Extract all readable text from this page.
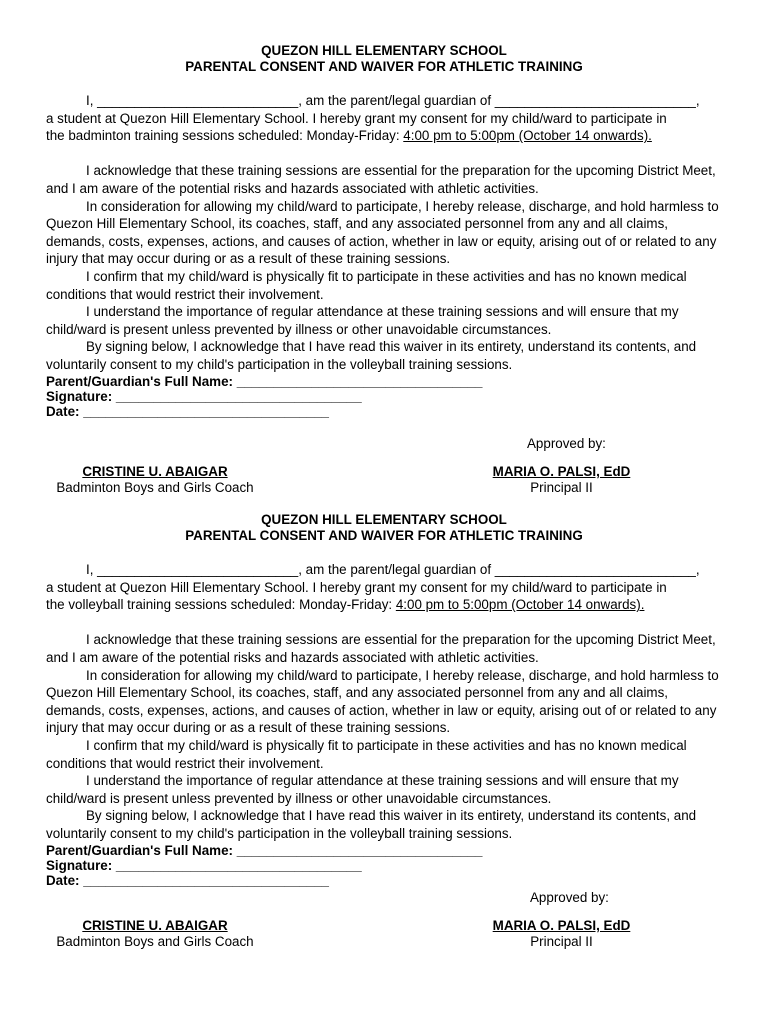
QUEZON HILL ELEMENTARY SCHOOL
PARENTAL CONSENT AND WAIVER FOR ATHLETIC TRAINING
I, ___________________________, am the parent/legal guardian of ___________________________,
a student at Quezon Hill Elementary School. I hereby grant my consent for my child/ward to participate in
the badminton training sessions scheduled: Monday-Friday: 4:00 pm to 5:00pm (October 14 onwards).
I acknowledge that these training sessions are essential for the preparation for the upcoming District Meet, and I am aware of the potential risks and hazards associated with athletic activities.
In consideration for allowing my child/ward to participate, I hereby release, discharge, and hold harmless to Quezon Hill Elementary School, its coaches, staff, and any associated personnel from any and all claims, demands, costs, expenses, actions, and causes of action, whether in law or equity, arising out of or related to any injury that may occur during or as a result of these training sessions.
I confirm that my child/ward is physically fit to participate in these activities and has no known medical conditions that would restrict their involvement.
I understand the importance of regular attendance at these training sessions and will ensure that my child/ward is present unless prevented by illness or other unavoidable circumstances.
By signing below, I acknowledge that I have read this waiver in its entirety, understand its contents, and voluntarily consent to my child's participation in the volleyball training sessions.
Parent/Guardian's Full Name: _________________________________
Signature: _________________________________
Date: _________________________________
Approved by:
CRISTINE U. ABAIGAR
Badminton Boys and Girls Coach
MARIA O. PALSI, EdD
Principal II
QUEZON HILL ELEMENTARY SCHOOL
PARENTAL CONSENT AND WAIVER FOR ATHLETIC TRAINING
I, ___________________________, am the parent/legal guardian of ___________________________,
a student at Quezon Hill Elementary School. I hereby grant my consent for my child/ward to participate in
the volleyball training sessions scheduled: Monday-Friday: 4:00 pm to 5:00pm (October 14 onwards).
I acknowledge that these training sessions are essential for the preparation for the upcoming District Meet, and I am aware of the potential risks and hazards associated with athletic activities.
In consideration for allowing my child/ward to participate, I hereby release, discharge, and hold harmless to Quezon Hill Elementary School, its coaches, staff, and any associated personnel from any and all claims, demands, costs, expenses, actions, and causes of action, whether in law or equity, arising out of or related to any injury that may occur during or as a result of these training sessions.
I confirm that my child/ward is physically fit to participate in these activities and has no known medical conditions that would restrict their involvement.
I understand the importance of regular attendance at these training sessions and will ensure that my child/ward is present unless prevented by illness or other unavoidable circumstances.
By signing below, I acknowledge that I have read this waiver in its entirety, understand its contents, and voluntarily consent to my child's participation in the volleyball training sessions.
Parent/Guardian's Full Name: _________________________________
Signature: _________________________________
Date: _________________________________
Approved by:
CRISTINE U. ABAIGAR
Badminton Boys and Girls Coach
MARIA O. PALSI, EdD
Principal II
